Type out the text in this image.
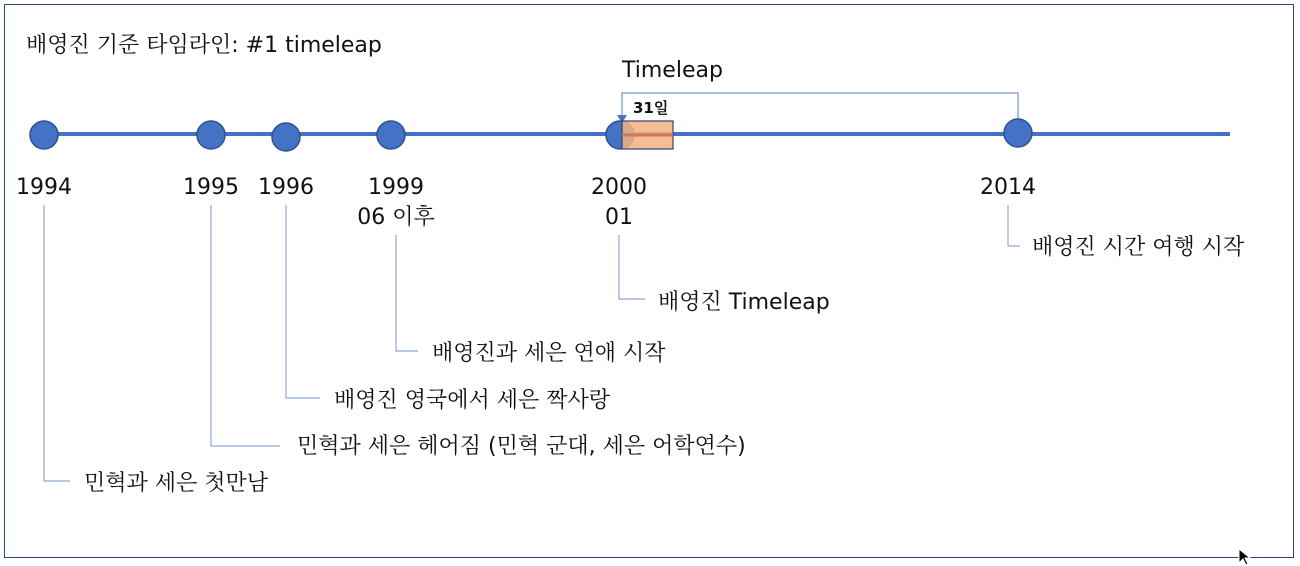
배영진 기준 타임라인: #1 timeleap
Timeleap
1994
민혁과 세은 첫만남
1995
민혁과 세은 헤어짐 (민혁 군대, 세은 어학연수)
1996
배영진 영국에서 세은 짝사랑
1999
06 이후
배영진과 세은 연애 시작
31일
2000
01
배영진 Timeleap
2014
배영진 시간 여행 시작
